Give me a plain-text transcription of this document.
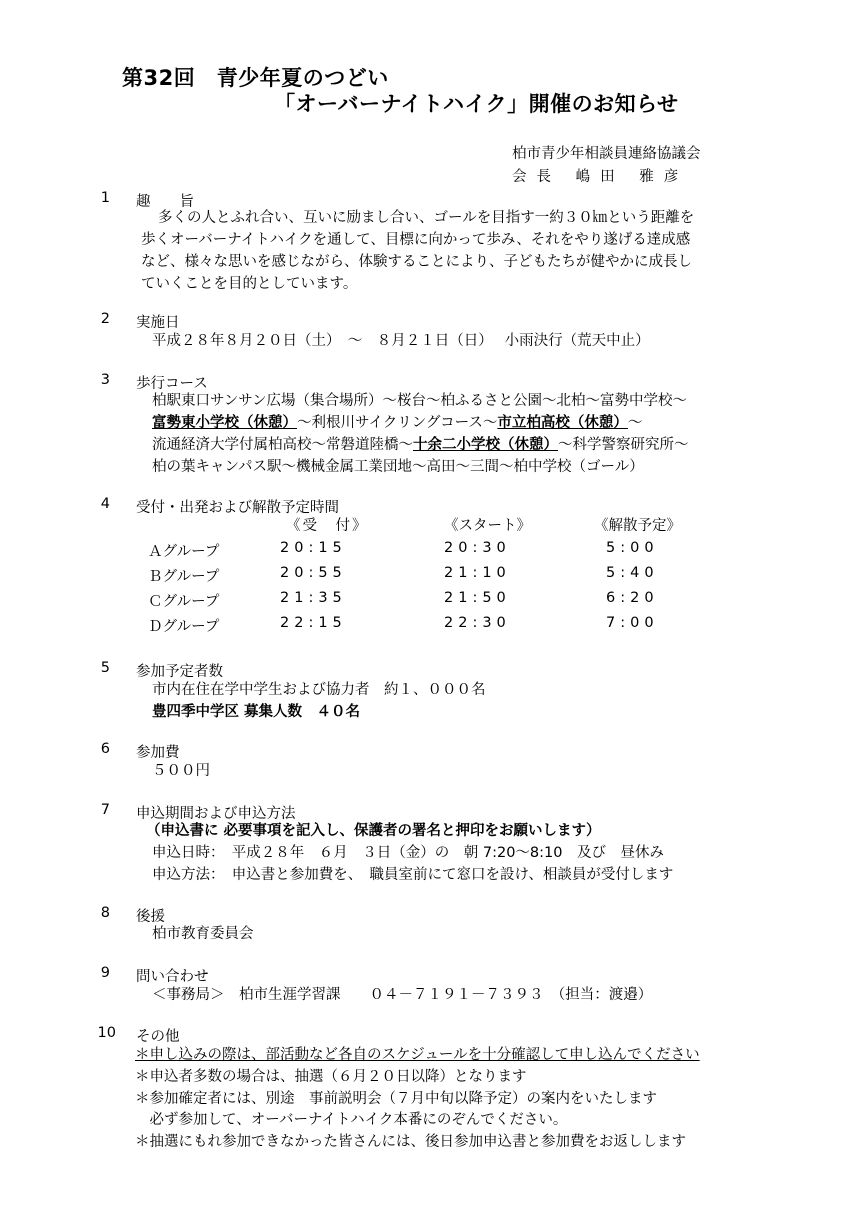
第32回　青少年夏のつどい
「オーバーナイトハイク」開催のお知らせ
柏市青少年相談員連絡協議会
会長 嶋田 雅彦
1 趣　　旨
多くの人とふれ合い、互いに励まし合い、ゴールを目指す一約３０㎞という距離を
歩くオーバーナイトハイクを通して、目標に向かって歩み、それをやり遂げる達成感
など、様々な思いを感じながら、体験することにより、子どもたちが健やかに成長し
ていくことを目的としています。
2 実施日
平成２８年８月２０日（土）　～　８月２１日（日）　 小雨決行（荒天中止）
3 歩行コース
柏駅東口サンサン広場（集合場所）～桜台～柏ふるさと公園～北柏～富勢中学校～
富勢東小学校（休憩）～利根川サイクリングコース～市立柏高校（休憩）～
流通経済大学付属柏高校～常磐道陸橋～十余二小学校（休憩）～科学警察研究所～
柏の葉キャンパス駅～機械金属工業団地～高田～三間～柏中学校（ゴール）
4 受付・出発および解散予定時間
《受　付》	《スタート》	《解散予定》
Ａグループ	20:15	20:30	5:00
Ｂグループ	20:55	21:10	5:40
Ｃグループ	21:35	21:50	6:20
Ｄグループ	22:15	22:30	7:00
5 参加予定者数
市内在住在学中学生および協力者　約１、０００名
豊四季中学区 募集人数　４０名
6 参加費
５００円
7 申込期間および申込方法
（申込書に 必要事項を記入し、保護者の署名と押印をお願いします）
申込日時：　平成２８年　６月　３日（金）の　朝 7:20～8:10　及び　昼休み
申込方法：　申込書と参加費を、　職員室前にて窓口を設け、相談員が受付します
8 後援
柏市教育委員会
9 問い合わせ
＜事務局＞　柏市生涯学習課　　０４－７１９１－７３９３　（担当：渡邉）
10 その他
＊申し込みの際は、部活動など各自のスケジュールを十分確認して申し込んでください
＊申込者多数の場合は、抽選（６月２０日以降）となります
＊参加確定者には、別途　事前説明会（７月中旬以降予定）の案内をいたします
　必ず参加して、オーバーナイトハイク本番にのぞんでください。
＊抽選にもれ参加できなかった皆さんには、後日参加申込書と参加費をお返しします
